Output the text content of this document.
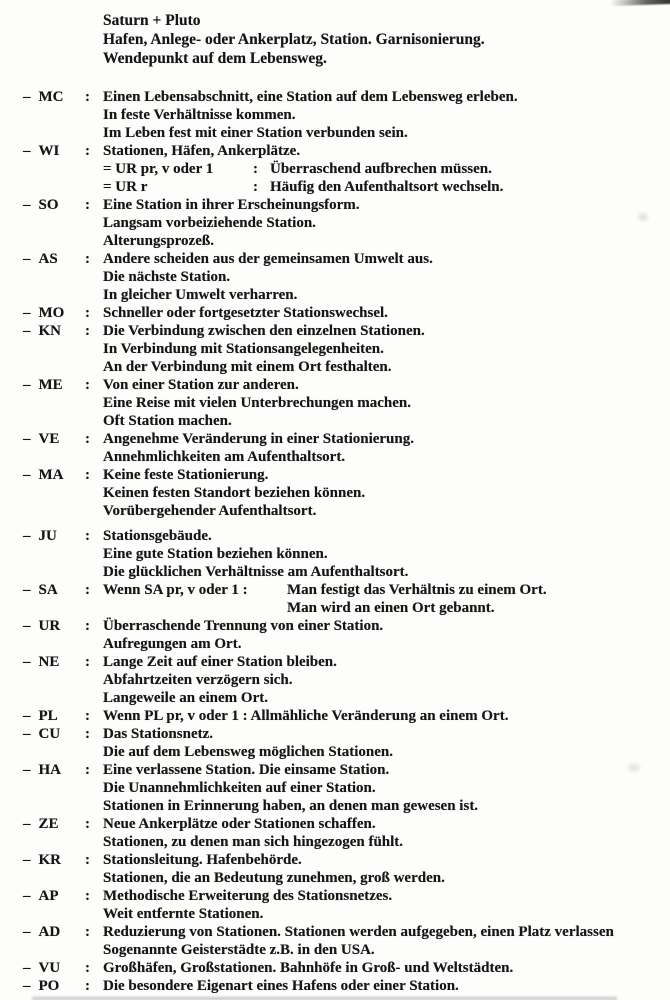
Saturn + Pluto
Hafen, Anlege- oder Ankerplatz, Station. Garnisonierung.
Wendepunkt auf dem Lebensweg.
– MC	: Einen Lebensabschnitt, eine Station auf dem Lebensweg erleben.
In feste Verhältnisse kommen.
Im Leben fest mit einer Station verbunden sein.
– WI	: Stationen, Häfen, Ankerplätze.
= UR pr, v oder 1	: Überraschend aufbrechen müssen.
= UR r	: Häufig den Aufenthaltsort wechseln.
– SO	: Eine Station in ihrer Erscheinungsform.
Langsam vorbeiziehende Station.
Alterungsprozeß.
– AS	: Andere scheiden aus der gemeinsamen Umwelt aus.
Die nächste Station.
In gleicher Umwelt verharren.
– MO	: Schneller oder fortgesetzter Stationswechsel.
– KN	: Die Verbindung zwischen den einzelnen Stationen.
In Verbindung mit Stationsangelegenheiten.
An der Verbindung mit einem Ort festhalten.
– ME	: Von einer Station zur anderen.
Eine Reise mit vielen Unterbrechungen machen.
Oft Station machen.
– VE	: Angenehme Veränderung in einer Stationierung.
Annehmlichkeiten am Aufenthaltsort.
– MA	: Keine feste Stationierung.
Keinen festen Standort beziehen können.
Vorübergehender Aufenthaltsort.
– JU	: Stationsgebäude.
Eine gute Station beziehen können.
Die glücklichen Verhältnisse am Aufenthaltsort.
– SA	: Wenn SA pr, v oder 1 :	Man festigt das Verhältnis zu einem Ort.
Man wird an einen Ort gebannt.
– UR	: Überraschende Trennung von einer Station.
Aufregungen am Ort.
– NE	: Lange Zeit auf einer Station bleiben.
Abfahrtzeiten verzögern sich.
Langeweile an einem Ort.
– PL	: Wenn PL pr, v oder 1 : Allmähliche Veränderung an einem Ort.
– CU	: Das Stationsnetz.
Die auf dem Lebensweg möglichen Stationen.
– HA	: Eine verlassene Station. Die einsame Station.
Die Unannehmlichkeiten auf einer Station.
Stationen in Erinnerung haben, an denen man gewesen ist.
– ZE	: Neue Ankerplätze oder Stationen schaffen.
Stationen, zu denen man sich hingezogen fühlt.
– KR	: Stationsleitung. Hafenbehörde.
Stationen, die an Bedeutung zunehmen, groß werden.
– AP	: Methodische Erweiterung des Stationsnetzes.
Weit entfernte Stationen.
– AD	: Reduzierung von Stationen. Stationen werden aufgegeben, einen Platz verlassen
Sogenannte Geisterstädte z.B. in den USA.
– VU	: Großhäfen, Großstationen. Bahnhöfe in Groß- und Weltstädten.
– PO	: Die besondere Eigenart eines Hafens oder einer Station.
